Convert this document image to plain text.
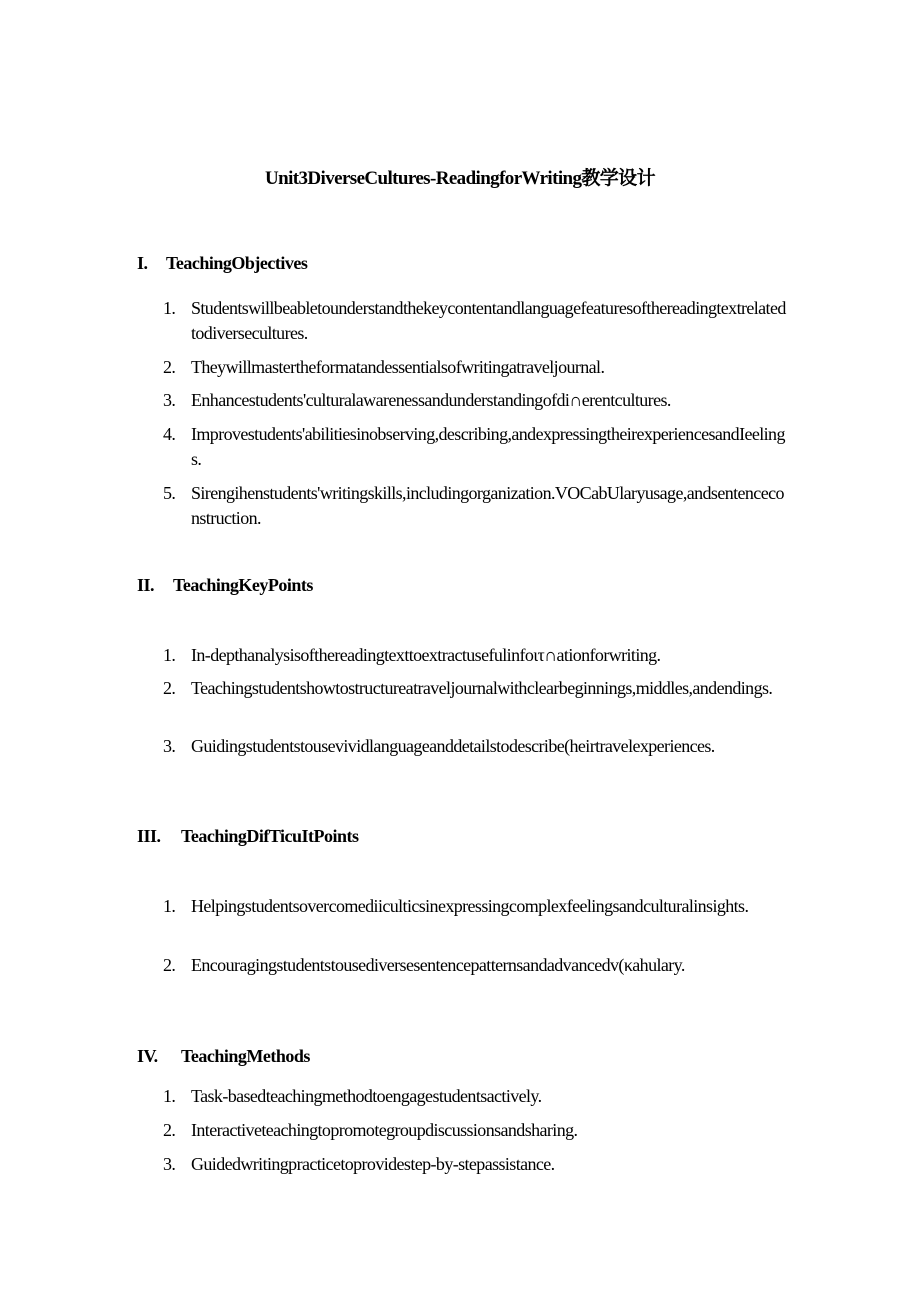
Unit3DiverseCultures-ReadingforWriting教学设计
I. TeachingObjectives
1. Studentswillbeabletounderstandthekeycontentandlanguagefeaturesofthereadingtextrelatedtodiversecultures.
2. Theywillmastertheformatandessentialsofwritingatraveljournal.
3. Enhancestudents'culturalawarenessandunderstandingofdi∩erentcultures.
4. Improvestudents'abilitiesinobserving,describing,andexpressingtheirexperiencesandIeelings.
5. Sirengihenstudents'writingskills,includingorganization.VOCabUlaryusage,andsentenceconstruction.
II. TeachingKeyPoints
1. In-depthanalysisofthereadingtexttoextractusefulinfoιτ∩ationforwriting.
2. Teachingstudentshowtostructureatraveljournalwithclearbeginnings,middles,andendings.
3. Guidingstudentstousevividlanguageanddetailstodescribe(heirtravelexperiences.
III. TeachingDifTicuItPoints
1. Helpingstudentsovercomediiculticsinexpressingcomplexfeelingsandculturalinsights.
2. Encouragingstudentstousediversesentencepatternsandadvancedv(κahulary.
IV. TeachingMethods
1. Task-basedteachingmethodtoengagestudentsactively.
2. Interactiveteachingtopromotegroupdiscussionsandsharing.
3. Guidedwritingpracticetoprovidestep-by-stepassistance.
